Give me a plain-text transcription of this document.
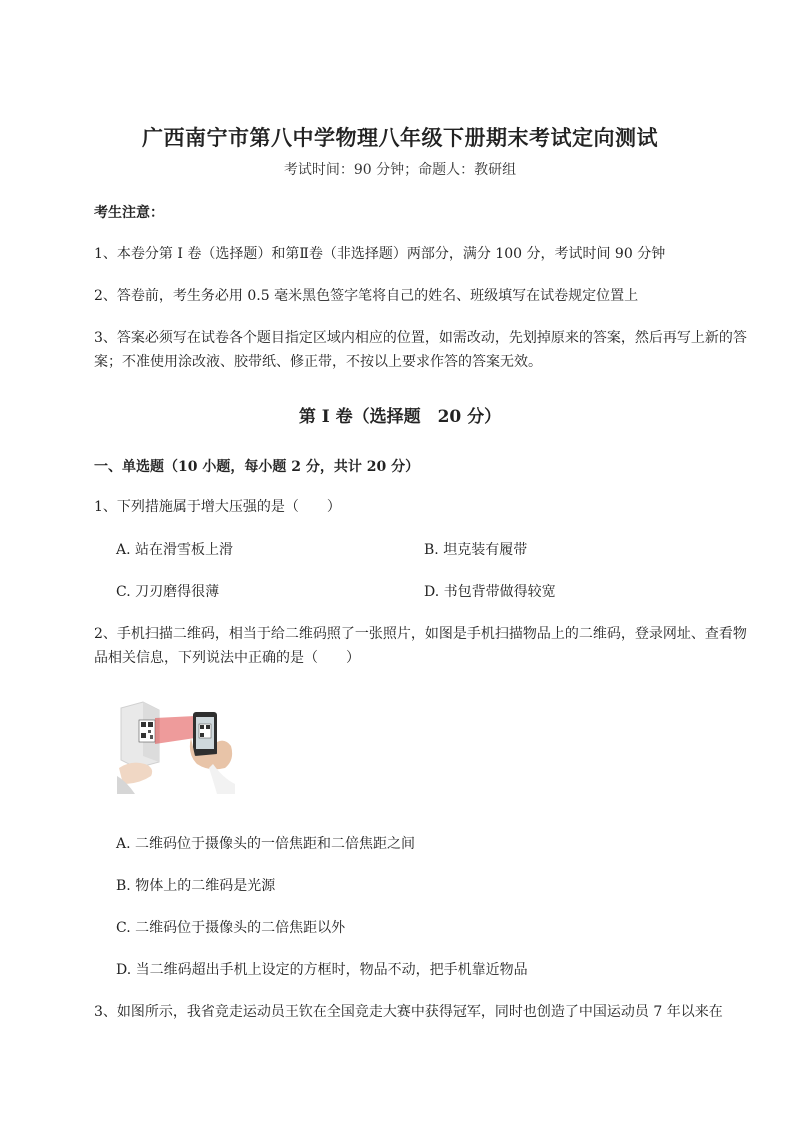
广西南宁市第八中学物理八年级下册期末考试定向测试
考试时间：90 分钟；命题人：教研组
考生注意：
1、本卷分第 I 卷（选择题）和第Ⅱ卷（非选择题）两部分，满分 100 分，考试时间 90 分钟
2、答卷前，考生务必用 0.5 毫米黑色签字笔将自己的姓名、班级填写在试卷规定位置上
3、答案必须写在试卷各个题目指定区域内相应的位置，如需改动，先划掉原来的答案，然后再写上新的答案；不准使用涂改液、胶带纸、修正带，不按以上要求作答的答案无效。
第 I 卷（选择题　20 分）
一、单选题（10 小题，每小题 2 分，共计 20 分）
1、下列措施属于增大压强的是（　　）
A. 站在滑雪板上滑	B. 坦克装有履带
C. 刀刃磨得很薄	D. 书包背带做得较宽
2、手机扫描二维码，相当于给二维码照了一张照片，如图是手机扫描物品上的二维码，登录网址、查看物品相关信息，下列说法中正确的是（　　）
A. 二维码位于摄像头的一倍焦距和二倍焦距之间
B. 物体上的二维码是光源
C. 二维码位于摄像头的二倍焦距以外
D. 当二维码超出手机上设定的方框时，物品不动，把手机靠近物品
3、如图所示，我省竞走运动员王钦在全国竞走大赛中获得冠军，同时也创造了中国运动员 7 年以来在
